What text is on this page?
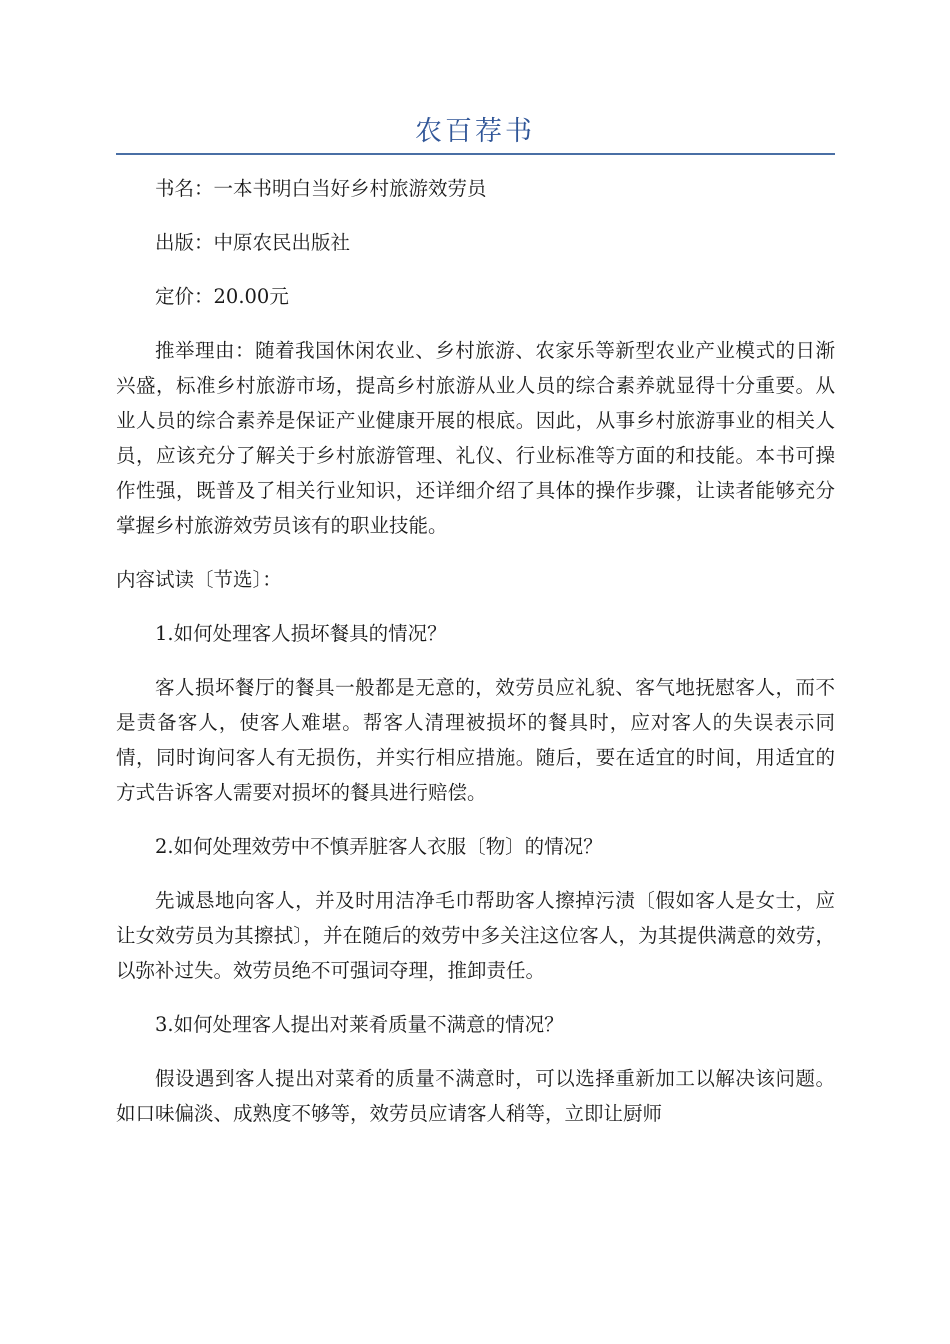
农百荐书

书名：一本书明白当好乡村旅游效劳员

出版：中原农民出版社

定价：20.00元

推举理由：随着我国休闲农业、乡村旅游、农家乐等新型农业产业模式的日渐兴盛，标准乡村旅游市场，提高乡村旅游从业人员的综合素养就显得十分重要。从业人员的综合素养是保证产业健康开展的根底。因此，从事乡村旅游事业的相关人员，应该充分了解关于乡村旅游管理、礼仪、行业标准等方面的和技能。本书可操作性强，既普及了相关行业知识，还详细介绍了具体的操作步骤，让读者能够充分掌握乡村旅游效劳员该有的职业技能。

内容试读〔节选〕：

1.如何处理客人损坏餐具的情况？

客人损坏餐厅的餐具一般都是无意的，效劳员应礼貌、客气地抚慰客人，而不是责备客人，使客人难堪。帮客人清理被损坏的餐具时，应对客人的失误表示同情，同时询问客人有无损伤，并实行相应措施。随后，要在适宜的时间，用适宜的方式告诉客人需要对损坏的餐具进行赔偿。

2.如何处理效劳中不慎弄脏客人衣服〔物〕的情况？

先诚恳地向客人，并及时用洁净毛巾帮助客人擦掉污渍〔假如客人是女士，应让女效劳员为其擦拭〕，并在随后的效劳中多关注这位客人，为其提供满意的效劳，以弥补过失。效劳员绝不可强词夺理，推卸责任。

3.如何处理客人提出对莱肴质量不满意的情况？

假设遇到客人提出对菜肴的质量不满意时，可以选择重新加工以解决该问题。如口味偏淡、成熟度不够等，效劳员应请客人稍等，立即让厨师
